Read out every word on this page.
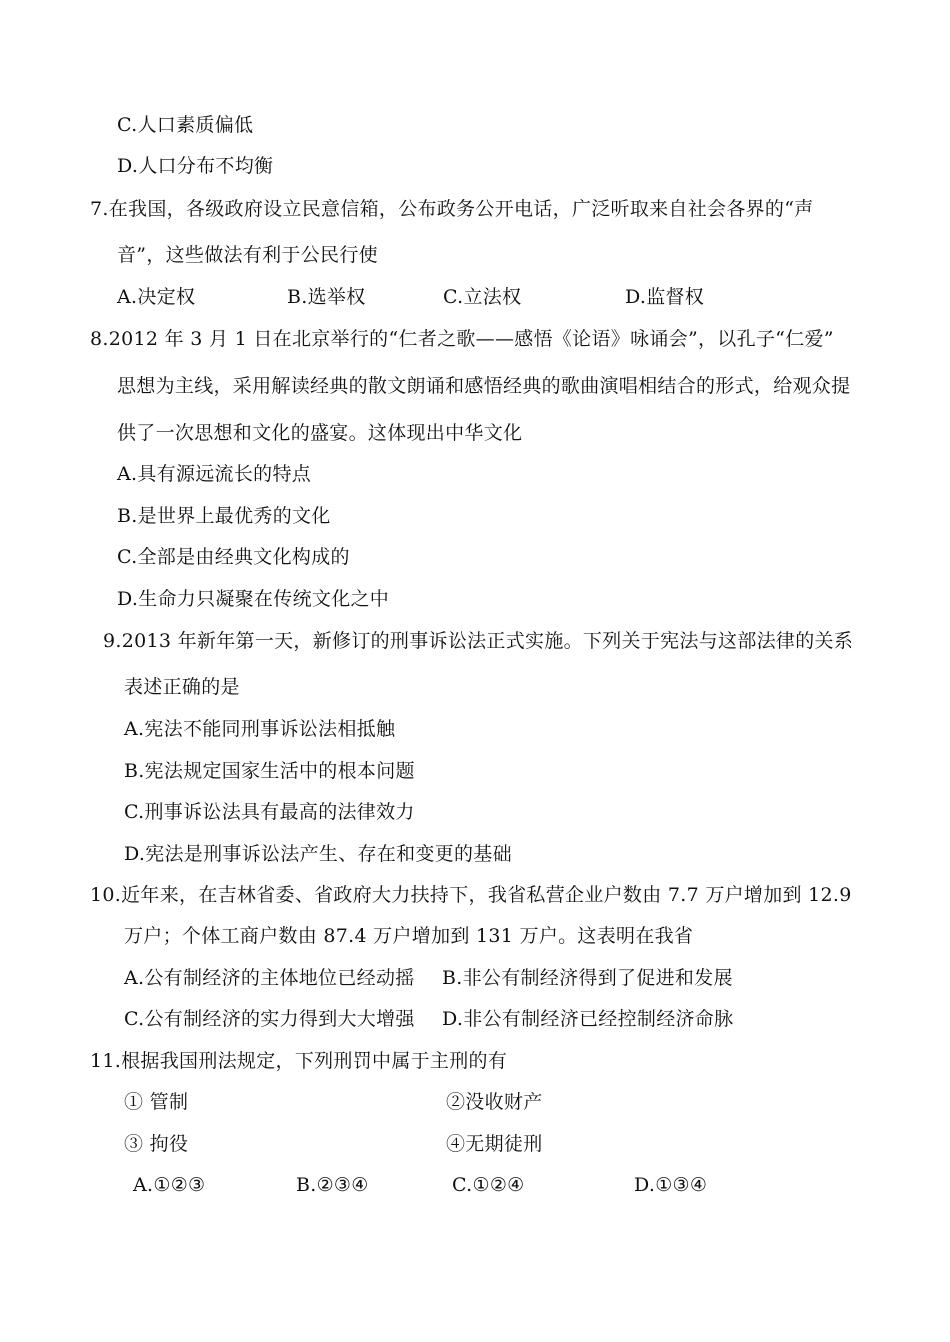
C.人口素质偏低
D.人口分布不均衡
7.在我国，各级政府设立民意信箱，公布政务公开电话，广泛听取来自社会各界的“声
音”，这些做法有利于公民行使
A.决定权	B.选举权	C.立法权	D.监督权
8.2012 年 3 月 1 日在北京举行的“仁者之歌——感悟《论语》咏诵会”，以孔子“仁爱”
思想为主线，采用解读经典的散文朗诵和感悟经典的歌曲演唱相结合的形式，给观众提
供了一次思想和文化的盛宴。这体现出中华文化
A.具有源远流长的特点
B.是世界上最优秀的文化
C.全部是由经典文化构成的
D.生命力只凝聚在传统文化之中
9.2013 年新年第一天，新修订的刑事诉讼法正式实施。下列关于宪法与这部法律的关系
表述正确的是
A.宪法不能同刑事诉讼法相抵触
B.宪法规定国家生活中的根本问题
C.刑事诉讼法具有最高的法律效力
D.宪法是刑事诉讼法产生、存在和变更的基础
10.近年来，在吉林省委、省政府大力扶持下，我省私营企业户数由 7.7 万户增加到 12.9
万户；个体工商户数由 87.4 万户增加到 131 万户。这表明在我省
A.公有制经济的主体地位已经动摇 B.非公有制经济得到了促进和发展
C.公有制经济的实力得到大大增强 D.非公有制经济已经控制经济命脉
11.根据我国刑法规定，下列刑罚中属于主刑的有
① 管制	②没收财产
③ 拘役	④无期徒刑
A.①②③	B.②③④	C.①②④	D.①③④
